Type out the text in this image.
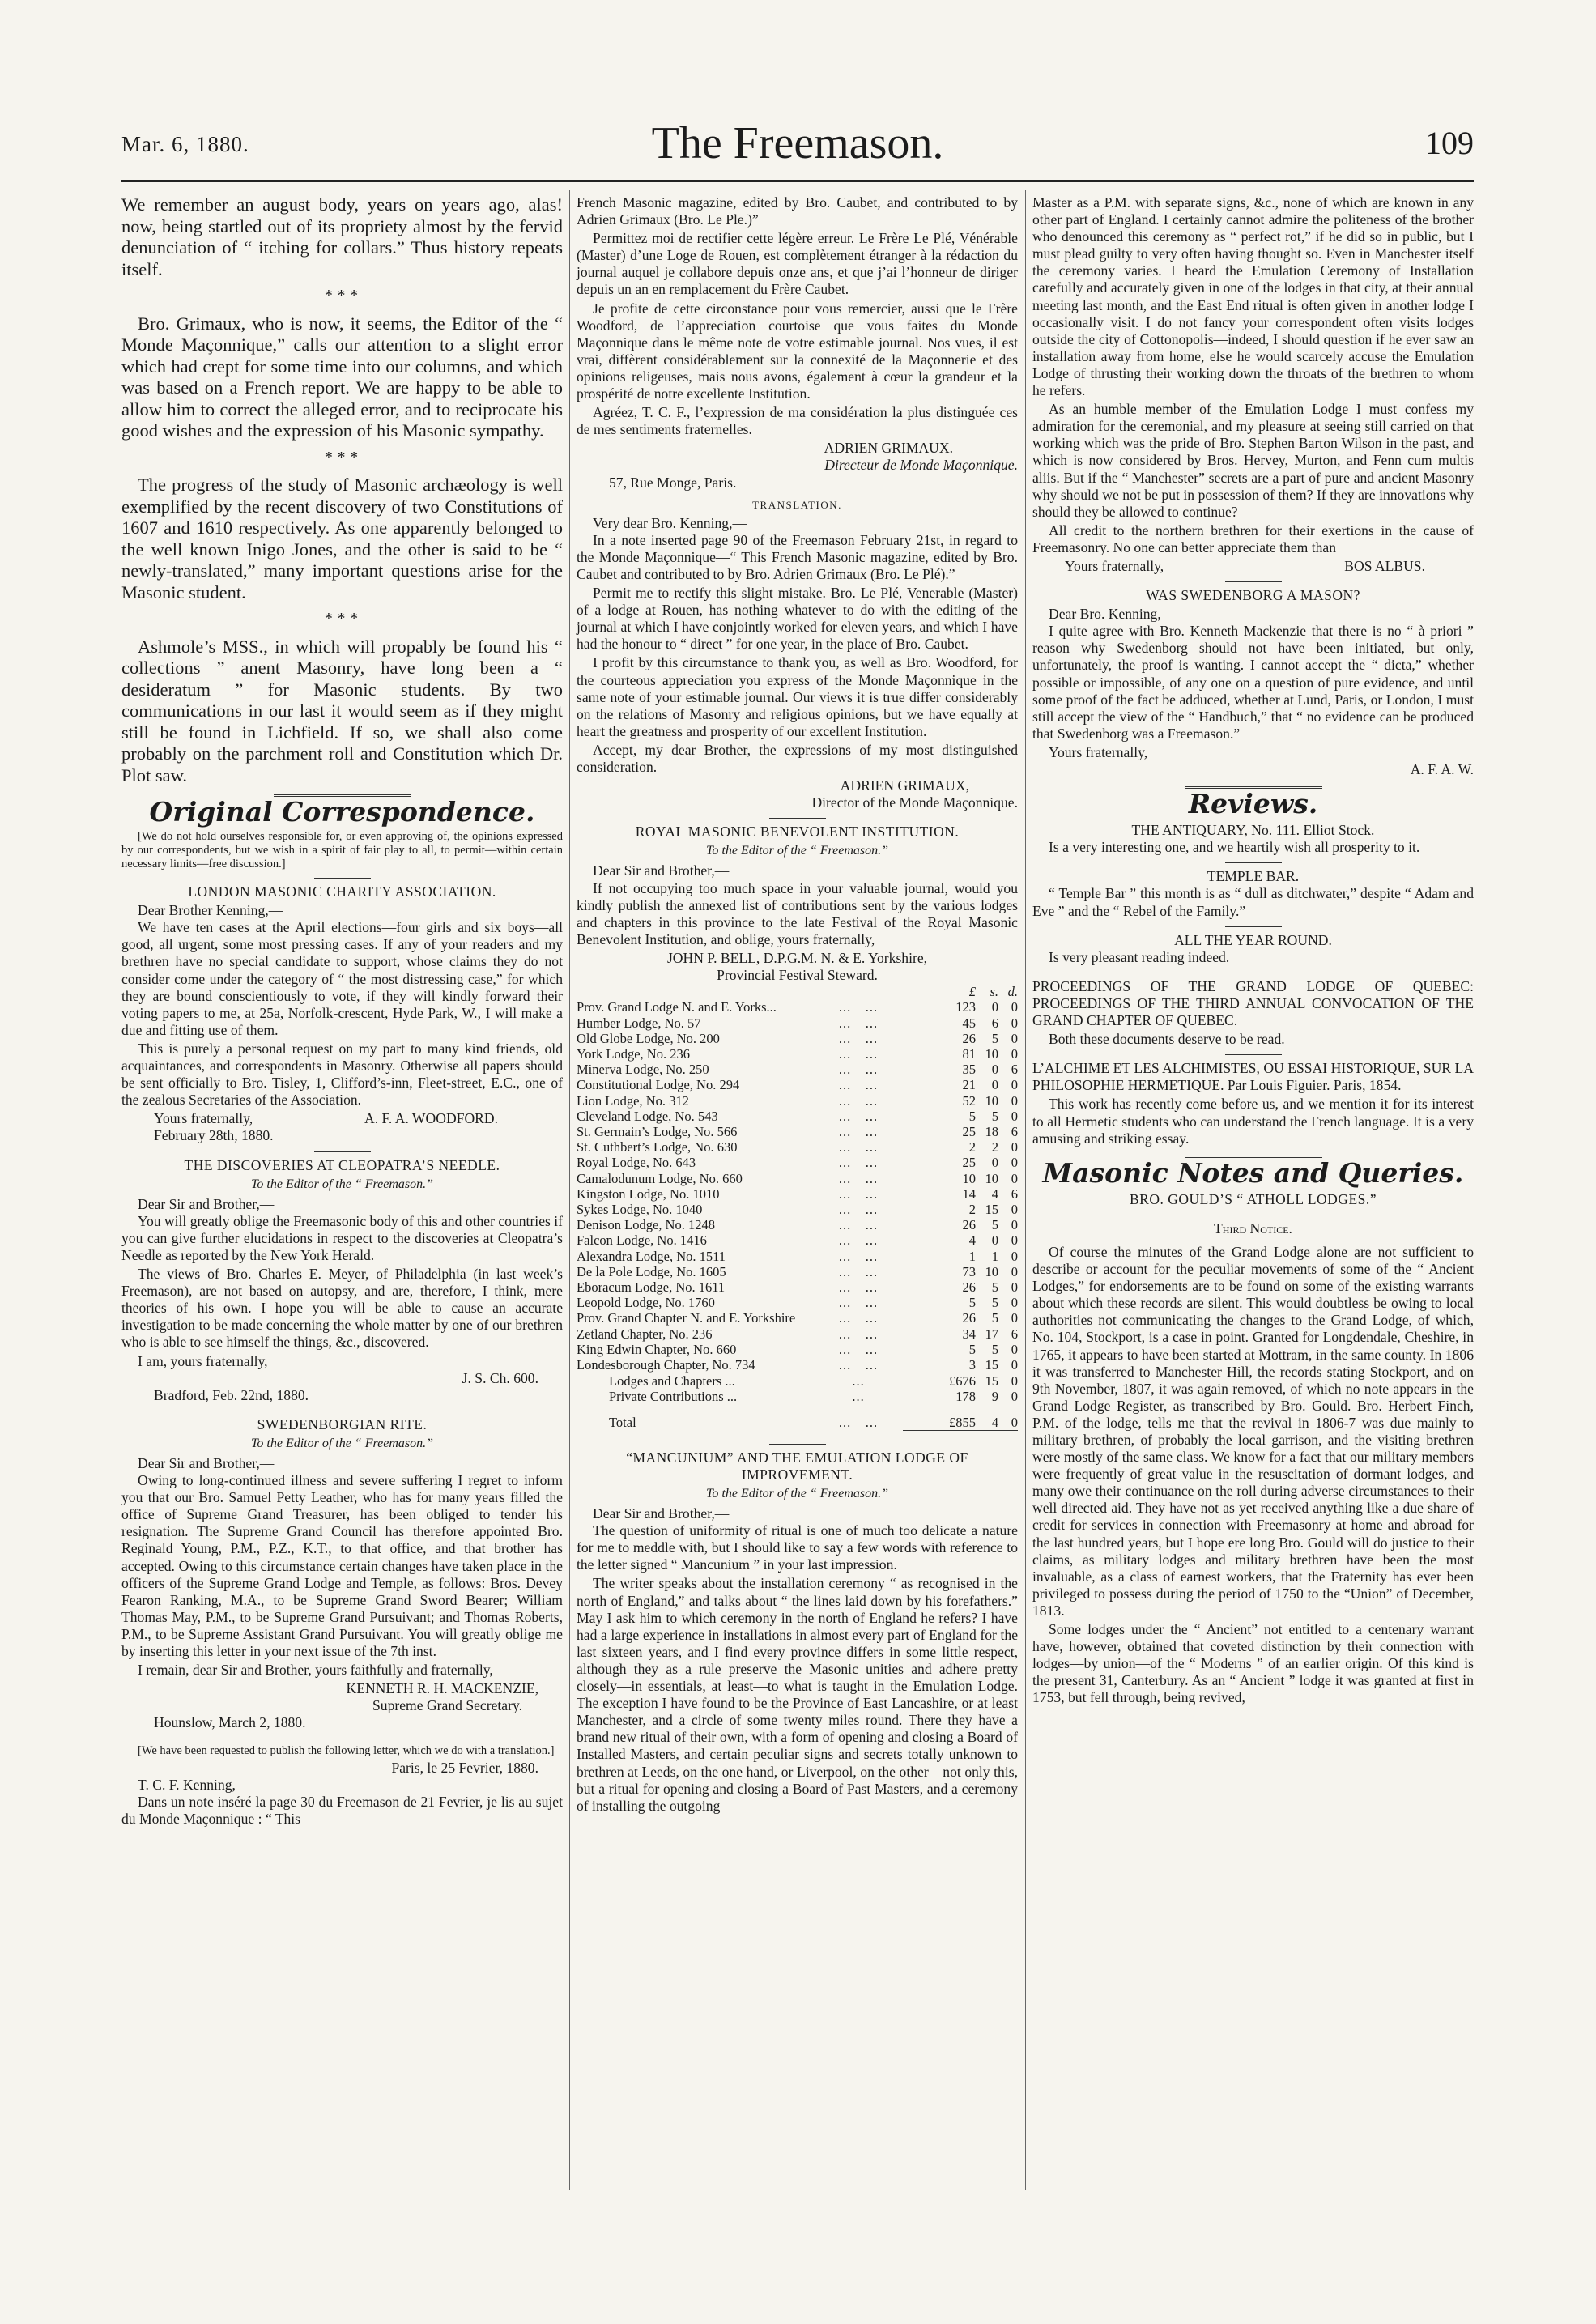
Mar. 6, 1880.	The Freemason.	109

We remember an august body, years on years ago, alas! now, being startled out of its propriety almost by the fervid denunciation of “ itching for collars.” Thus history repeats itself.

* * *

Bro. Grimaux, who is now, it seems, the Editor of the “ Monde Maçonnique,” calls our attention to a slight error which had crept for some time into our columns, and which was based on a French report. We are happy to be able to allow him to correct the alleged error, and to reciprocate his good wishes and the expression of his Masonic sympathy.

* * *

The progress of the study of Masonic archæology is well exemplified by the recent discovery of two Constitutions of 1607 and 1610 respectively. As one apparently belonged to the well known Inigo Jones, and the other is said to be “ newly-translated,” many important questions arise for the Masonic student.

* * *

Ashmole’s MSS., in which will propably be found his “ collections ” anent Masonry, have long been a “ desideratum ” for Masonic students. By two communications in our last it would seem as if they might still be found in Lichfield. If so, we shall also come probably on the parchment roll and Constitution which Dr. Plot saw.

Original Correspondence.

[We do not hold ourselves responsible for, or even approving of, the opinions expressed by our correspondents, but we wish in a spirit of fair play to all, to permit—within certain necessary limits—free discussion.]

LONDON MASONIC CHARITY ASSOCIATION.
Dear Brother Kenning,—

We have ten cases at the April elections—four girls and six boys—all good, all urgent, some most pressing cases. If any of your readers and my brethren have no special candidate to support, whose claims they do not consider come under the category of “ the most distressing case,” for which they are bound conscientiously to vote, if they will kindly forward their voting papers to me, at 25a, Norfolk-crescent, Hyde Park, W., I will make a due and fitting use of them.

This is purely a personal request on my part to many kind friends, old acquaintances, and correspondents in Masonry. Otherwise all papers should be sent officially to Bro. Tisley, 1, Clifford’s-inn, Fleet-street, E.C., one of the zealous Secretaries of the Association.

Yours fraternally,	A. F. A. WOODFORD.
February 28th, 1880.
THE DISCOVERIES AT CLEOPATRA’S NEEDLE.
To the Editor of the “ Freemason.”
Dear Sir and Brother,—

You will greatly oblige the Freemasonic body of this and other countries if you can give further elucidations in respect to the discoveries at Cleopatra’s Needle as reported by the New York Herald.

The views of Bro. Charles E. Meyer, of Philadelphia (in last week’s Freemason), are not based on autopsy, and are, therefore, I think, mere theories of his own. I hope you will be able to cause an accurate investigation to be made concerning the whole matter by one of our brethren who is able to see himself the things, &c., discovered.

I am, yours fraternally,
J. S. Ch. 600.
Bradford, Feb. 22nd, 1880.
SWEDENBORGIAN RITE.
To the Editor of the “ Freemason.”
Dear Sir and Brother,—

Owing to long-continued illness and severe suffering I regret to inform you that our Bro. Samuel Petty Leather, who has for many years filled the office of Supreme Grand Treasurer, has been obliged to tender his resignation. The Supreme Grand Council has therefore appointed Bro. Reginald Young, P.M., P.Z., K.T., to that office, and that brother has accepted. Owing to this circumstance certain changes have taken place in the officers of the Supreme Grand Lodge and Temple, as follows: Bros. Devey Fearon Ranking, M.A., to be Supreme Grand Sword Bearer; William Thomas May, P.M., to be Supreme Grand Pursuivant; and Thomas Roberts, P.M., to be Supreme Assistant Grand Pursuivant. You will greatly oblige me by inserting this letter in your next issue of the 7th inst.

I remain, dear Sir and Brother, yours faithfully and fraternally,

KENNETH R. H. MACKENZIE,
Supreme Grand Secretary.
Hounslow, March 2, 1880.

[We have been requested to publish the following letter, which we do with a translation.]

Paris, le 25 Fevrier, 1880.
T. C. F. Kenning,—

Dans un note inséré la page 30 du Freemason de 21 Fevrier, je lis au sujet du Monde Maçonnique : “ This

French Masonic magazine, edited by Bro. Caubet, and contributed to by Adrien Grimaux (Bro. Le Ple.)”

Permittez moi de rectifier cette légère erreur. Le Frère Le Plé, Vénérable (Master) d’une Loge de Rouen, est complètement étranger à la rédaction du journal auquel je collabore depuis onze ans, et que j’ai l’honneur de diriger depuis un an en remplacement du Frère Caubet.

Je profite de cette circonstance pour vous remercier, aussi que le Frère Woodford, de l’appreciation courtoise que vous faites du Monde Maçonnique dans le même note de votre estimable journal. Nos vues, il est vrai, diffèrent considérablement sur la connexité de la Maçonnerie et des opinions religeuses, mais nous avons, également à cœur la grandeur et la prospérité de notre excellente Institution.

Agréez, T. C. F., l’expression de ma considération la plus distinguée ces de mes sentiments fraternelles.

ADRIEN GRIMAUX.
Directeur de Monde Maçonnique.
57, Rue Monge, Paris.
TRANSLATION.
Very dear Bro. Kenning,—

In a note inserted page 90 of the Freemason February 21st, in regard to the Monde Maçonnique—“ This French Masonic magazine, edited by Bro. Caubet and contributed to by Bro. Adrien Grimaux (Bro. Le Plé).”

Permit me to rectify this slight mistake. Bro. Le Plé, Venerable (Master) of a lodge at Rouen, has nothing whatever to do with the editing of the journal at which I have conjointly worked for eleven years, and which I have had the honour to “ direct ” for one year, in the place of Bro. Caubet.

I profit by this circumstance to thank you, as well as Bro. Woodford, for the courteous appreciation you express of the Monde Maçonnique in the same note of your estimable journal. Our views it is true differ considerably on the relations of Masonry and religious opinions, but we have equally at heart the greatness and prosperity of our excellent Institution.

Accept, my dear Brother, the expressions of my most distinguished consideration.

ADRIEN GRIMAUX,
Director of the Monde Maçonnique.
ROYAL MASONIC BENEVOLENT INSTITUTION.
To the Editor of the “ Freemason.”
Dear Sir and Brother,—

If not occupying too much space in your valuable journal, would you kindly publish the annexed list of contributions sent by the various lodges and chapters in this province to the late Festival of the Royal Masonic Benevolent Institution, and oblige, yours fraternally,

JOHN P. BELL, D.P.G.M. N. & E. Yorkshire,
Provincial Festival Steward.
		£	s.	d.
Prov. Grand Lodge N. and E. Yorks...	... ...	123	0	0
Humber Lodge, No. 57	... ...	45	6	0
Old Globe Lodge, No. 200	... ...	26	5	0
York Lodge, No. 236	... ...	81	10	0
Minerva Lodge, No. 250	... ...	35	0	6
Constitutional Lodge, No. 294	... ...	21	0	0
Lion Lodge, No. 312	... ...	52	10	0
Cleveland Lodge, No. 543	... ...	5	5	0
St. Germain’s Lodge, No. 566	... ...	25	18	6
St. Cuthbert’s Lodge, No. 630	... ...	2	2	0
Royal Lodge, No. 643	... ...	25	0	0
Camalodunum Lodge, No. 660	... ...	10	10	0
Kingston Lodge, No. 1010	... ...	14	4	6
Sykes Lodge, No. 1040	... ...	2	15	0
Denison Lodge, No. 1248	... ...	26	5	0
Falcon Lodge, No. 1416	... ...	4	0	0
Alexandra Lodge, No. 1511	... ...	1	1	0
De la Pole Lodge, No. 1605	... ...	73	10	0
Eboracum Lodge, No. 1611	... ...	26	5	0
Leopold Lodge, No. 1760	... ...	5	5	0
Prov. Grand Chapter N. and E. Yorkshire	... ...	26	5	0
Zetland Chapter, No. 236	... ...	34	17	6
King Edwin Chapter, No. 660	... ...	5	5	0
Londesborough Chapter, No. 734	... ...	3	15	0
Lodges and Chapters ...	...	£676	15	0
Private Contributions ...	...	178	9	0
Total	... ...	£855	4	0
“MANCUNIUM” AND THE EMULATION LODGE OF IMPROVEMENT.
To the Editor of the “ Freemason.”
Dear Sir and Brother,—

The question of uniformity of ritual is one of much too delicate a nature for me to meddle with, but I should like to say a few words with reference to the letter signed “ Mancunium ” in your last impression.

The writer speaks about the installation ceremony “ as recognised in the north of England,” and talks about “ the lines laid down by his forefathers.” May I ask him to which ceremony in the north of England he refers? I have had a large experience in installations in almost every part of England for the last sixteen years, and I find every province differs in some little respect, although they as a rule preserve the Masonic unities and adhere pretty closely—in essentials, at least—to what is taught in the Emulation Lodge. The exception I have found to be the Province of East Lancashire, or at least Manchester, and a circle of some twenty miles round. There they have a brand new ritual of their own, with a form of opening and closing a Board of Installed Masters, and certain peculiar signs and secrets totally unknown to brethren at Leeds, on the one hand, or Liverpool, on the other—not only this, but a ritual for opening and closing a Board of Past Masters, and a ceremony of installing the outgoing

Master as a P.M. with separate signs, &c., none of which are known in any other part of England. I certainly cannot admire the politeness of the brother who denounced this ceremony as “ perfect rot,” if he did so in public, but I must plead guilty to very often having thought so. Even in Manchester itself the ceremony varies. I heard the Emulation Ceremony of Installation carefully and accurately given in one of the lodges in that city, at their annual meeting last month, and the East End ritual is often given in another lodge I occasionally visit. I do not fancy your correspondent often visits lodges outside the city of Cottonopolis—indeed, I should question if he ever saw an installation away from home, else he would scarcely accuse the Emulation Lodge of thrusting their working down the throats of the brethren to whom he refers.

As an humble member of the Emulation Lodge I must confess my admiration for the ceremonial, and my pleasure at seeing still carried on that working which was the pride of Bro. Stephen Barton Wilson in the past, and which is now considered by Bros. Hervey, Murton, and Fenn cum multis aliis. But if the “ Manchester” secrets are a part of pure and ancient Masonry why should we not be put in possession of them? If they are innovations why should they be allowed to continue?

All credit to the northern brethren for their exertions in the cause of Freemasonry. No one can better appreciate them than

Yours fraternally,	BOS ALBUS.
WAS SWEDENBORG A MASON?
Dear Bro. Kenning,—

I quite agree with Bro. Kenneth Mackenzie that there is no “ à priori ” reason why Swedenborg should not have been initiated, but only, unfortunately, the proof is wanting. I cannot accept the “ dicta,” whether possible or impossible, of any one on a question of pure evidence, and until some proof of the fact be adduced, whether at Lund, Paris, or London, I must still accept the view of the “ Handbuch,” that “ no evidence can be produced that Swedenborg was a Freemason.”

Yours fraternally,
A. F. A. W.
Reviews.
THE ANTIQUARY, No. 111. Elliot Stock.

Is a very interesting one, and we heartily wish all prosperity to it.

TEMPLE BAR.

“ Temple Bar ” this month is as “ dull as ditchwater,” despite “ Adam and Eve ” and the “ Rebel of the Family.”

ALL THE YEAR ROUND.

Is very pleasant reading indeed.

PROCEEDINGS OF THE GRAND LODGE OF QUEBEC: PROCEEDINGS OF THE THIRD ANNUAL CONVOCATION OF THE GRAND CHAPTER OF QUEBEC.

Both these documents deserve to be read.

L’ALCHIME ET LES ALCHIMISTES, OU ESSAI HISTORIQUE, SUR LA PHILOSOPHIE HERMETIQUE. Par Louis Figuier. Paris, 1854.

This work has recently come before us, and we mention it for its interest to all Hermetic students who can understand the French language. It is a very amusing and striking essay.

Masonic Notes and Queries.
BRO. GOULD’S “ ATHOLL LODGES.”
Third Notice.

Of course the minutes of the Grand Lodge alone are not sufficient to describe or account for the peculiar movements of some of the “ Ancient Lodges,” for endorsements are to be found on some of the existing warrants about which these records are silent. This would doubtless be owing to local authorities not communicating the changes to the Grand Lodge, of which, No. 104, Stockport, is a case in point. Granted for Longdendale, Cheshire, in 1765, it appears to have been started at Mottram, in the same county. In 1806 it was transferred to Manchester Hill, the records stating Stockport, and on 9th November, 1807, it was again removed, of which no note appears in the Grand Lodge Register, as transcribed by Bro. Gould. Bro. Herbert Finch, P.M. of the lodge, tells me that the revival in 1806-7 was due mainly to military brethren, of probably the local garrison, and the visiting brethren were mostly of the same class. We know for a fact that our military members were frequently of great value in the resuscitation of dormant lodges, and many owe their continuance on the roll during adverse circumstances to their well directed aid. They have not as yet received anything like a due share of credit for services in connection with Freemasonry at home and abroad for the last hundred years, but I hope ere long Bro. Gould will do justice to their claims, as military lodges and military brethren have been the most invaluable, as a class of earnest workers, that the Fraternity has ever been privileged to possess during the period of 1750 to the “Union” of December, 1813.

Some lodges under the “ Ancient” not entitled to a centenary warrant have, however, obtained that coveted distinction by their connection with lodges—by union—of the “ Moderns ” of an earlier origin. Of this kind is the present 31, Canterbury. As an “ Ancient ” lodge it was granted at first in 1753, but fell through, being revived,
